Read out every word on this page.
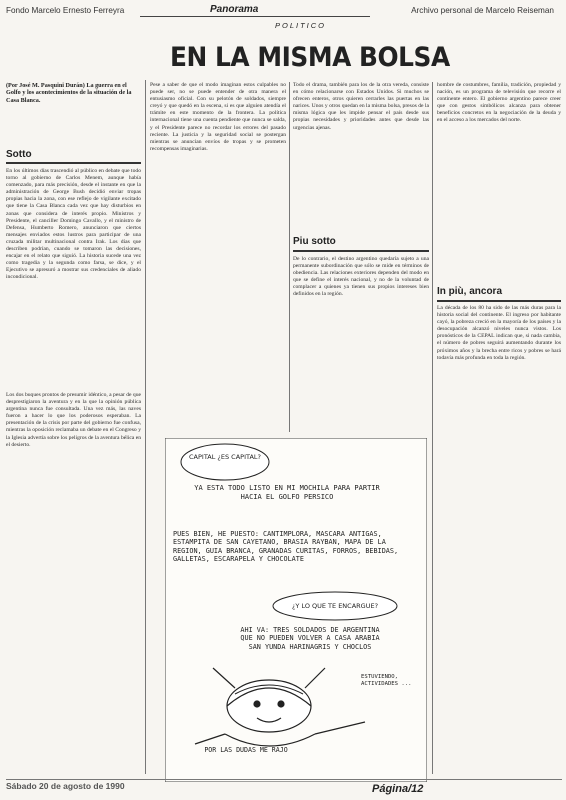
Fondo Marcelo Ernesto Ferreyra	Archivo personal de Marcelo Reiseman
Panorama
POLITICO
EN LA MISMA BOLSA
(Por José M. Pasquini Durán) La guerra en el Golfo y los acontecimientos de la situación de la Casa Blanca.
Sotto
En los últimos días trascendió al público en debate que todo torno al gobierno de Carlos Menem, aunque había comenzado, para más precisión, desde el instante en que la administración de George Bush decidió enviar tropas propias hacia la zona, con ese reflejo de vigilante excitado que tiene la Casa Blanca cada vez que hay disturbios en zonas que considera de interés propio. Ministros y Presidente, el canciller Domingo Cavallo, y el ministro de Defensa, Humberto Romero, anunciaron que ciertos mensajes enviados estos lustros para participar de una cruzada militar multinacional contra Irak. Los días que describen podrían, cuando se tomaron las decisiones, encajar en el relato que siguió. La historia sucede una vez como tragedia y la segunda como farsa, se dice, y el Ejecutivo se apresuró a mostrar sus credenciales de aliado incondicional.
Los dos buques prontos de presumir idéntico, a pesar de que desprestigiaron la aventura y en la que la opinión pública argentina nunca fue consultada. Una vez más, las naves fueron a hacer lo que los poderosos esperaban. La presentación de la crisis por parte del gobierno fue confusa, mientras la oposición reclamaba un debate en el Congreso y la Iglesia advertía sobre los peligros de la aventura bélica en el desierto.
Pese a saber de que el modo imaginan estos culpables no puede ser, no se puede entender de otra manera el entusiasmo oficial. Con su pelotón de soldados, siempre creyó y que quedó en la escena, si es que alguien atendía el trámite en este momento de la frontera. La política internacional tiene una cuenta pendiente que nunca se salda, y el Presidente parece no recordar los errores del pasado reciente. La justicia y la seguridad social se postergan mientras se anuncian envíos de tropas y se prometen recompensas imaginarias.
Todo el drama, también para los de la otra vereda, consiste en cómo relacionarse con Estados Unidos. Si muchos se ofrecen enteros, otros quieren cerrarles las puertas en las narices. Unos y otros quedan en la misma bolsa, presos de la misma lógica que les impide pensar el país desde sus propias necesidades y prioridades antes que desde las urgencias ajenas.
Piu sotto
De lo contrario, el destino argentino quedaría sujeto a una permanente subordinación que sólo se mide en términos de obediencia. Las relaciones exteriores dependen del modo en que se define el interés nacional, y no de la voluntad de complacer a quienes ya tienen sus propios intereses bien definidos en la región.
hombre de costumbres, familia, tradición, propiedad y nación, es un programa de televisión que recorre el continente entero. El gobierno argentino parece creer que con gestos simbólicos alcanza para obtener beneficios concretos en la negociación de la deuda y en el acceso a los mercados del norte.
In più, ancora
La década de los 80 ha sido de las más duras para la historia social del continente. El ingreso por habitante cayó, la pobreza creció en la mayoría de los países y la desocupación alcanzó niveles nunca vistos. Los pronósticos de la CEPAL indican que, si nada cambia, el número de pobres seguirá aumentando durante los próximos años y la brecha entre ricos y pobres se hará todavía más profunda en toda la región.
CAPITAL ¿ES CAPITAL?
YA ESTA TODO LISTO EN MI MOCHILA PARA PARTIR HACIA EL GOLFO PERSICO
PUES BIEN, HE PUESTO: CANTIMPLORA, MASCARA ANTIGAS, ESTAMPITA DE SAN CAYETANO, BRASIA RAYBAN, MAPA DE LA REGION, GUIA BRANCA, GRANADAS CURITAS, FORROS, BEBIDAS, GALLETAS, ESCARAPELA Y CHOCOLATE
¿Y LO QUE TE ENCARGUE?
AHI VA: TRES SOLDADOS DE ARGENTINA QUE NO PUEDEN VOLVER A CASA ARABIA SAN YUNDA HARINAGRIS Y CHOCLOS
ESTUVIENDO, ACTIVIDADES ...
POR LAS DUDAS ME RAJO
Sábado 20 de agosto de 1990	Página/12
